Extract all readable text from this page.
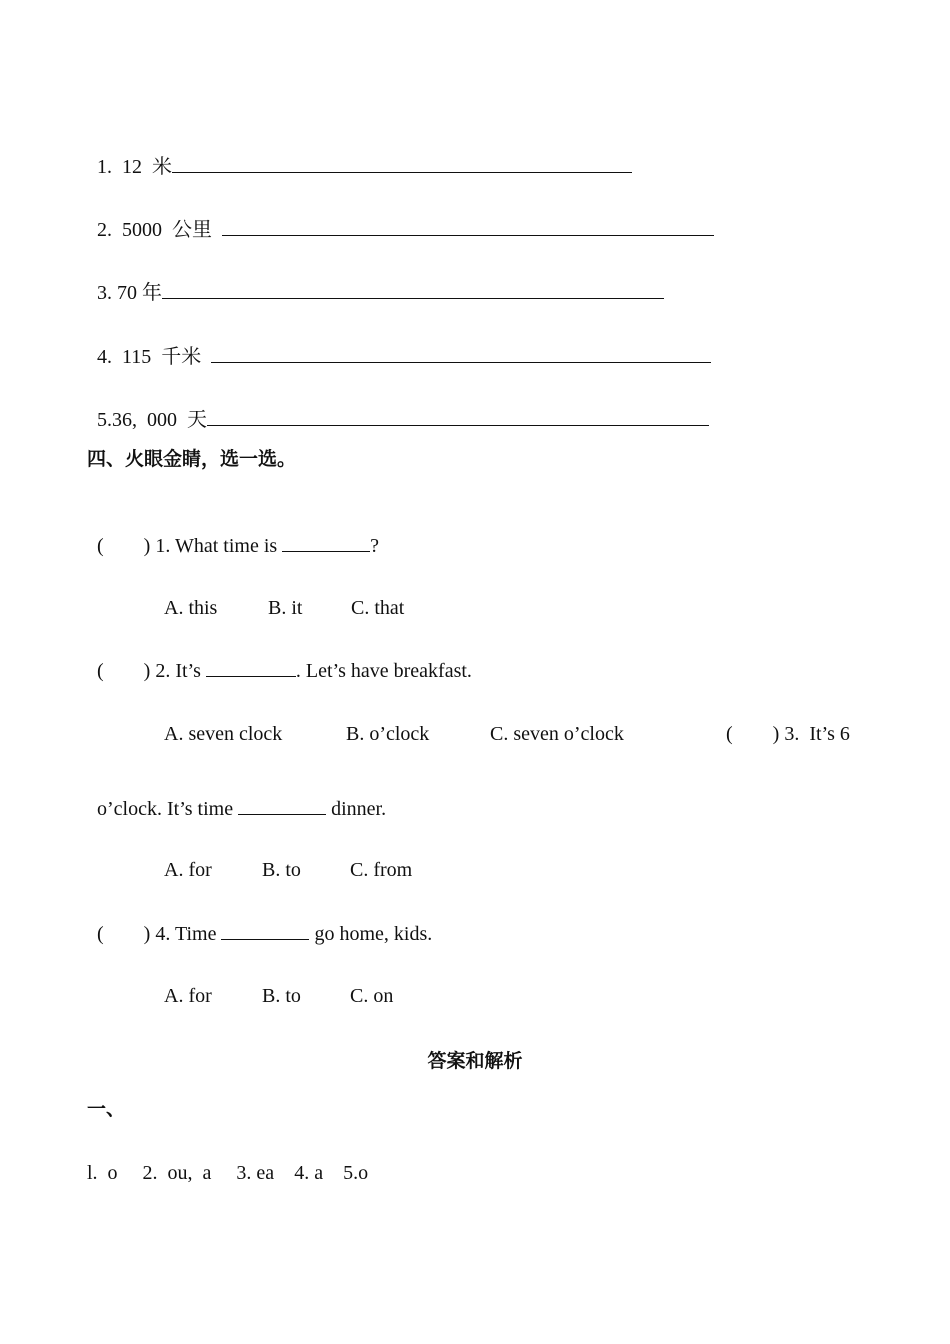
1.  12  米

2.  5000  公里

3. 70 年

4.  115  千米

5.36,  000  天

四、火眼金睛，选一选。

(        ) 1. What time is	?

A. this	B. it C. that

(        ) 2. It’s	. Let’s have breakfast.

A. seven clock	B. o’clock	C. seven o’clock	(        ) 3.  It’s 6

o’clock. It’s time	dinner.

A. for	B. to C. from

(        ) 4. Time	go home, kids.

A. for	B. to C. on

答案和解析
一、
l.  o     2.  ou,  a     3. ea    4. a    5.o
